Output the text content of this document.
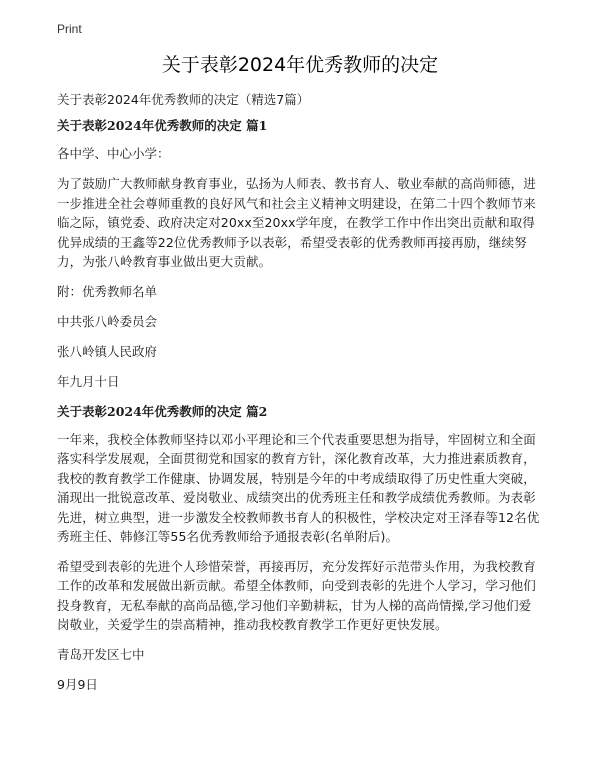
Print
关于表彰2024年优秀教师的决定

关于表彰2024年优秀教师的决定（精选7篇）

关于表彰2024年优秀教师的决定 篇1

各中学、中心小学：

为了鼓励广大教师献身教育事业，弘扬为人师表、教书育人、敬业奉献的高尚师德，进一步推进全社会尊师重教的良好风气和社会主义精神文明建设，在第二十四个教师节来临之际，镇党委、政府决定对20xx至20xx学年度，在教学工作中作出突出贡献和取得优异成绩的王鑫等22位优秀教师予以表彰，希望受表彰的优秀教师再接再励，继续努力，为张八岭教育事业做出更大贡献。

附：优秀教师名单

中共张八岭委员会

张八岭镇人民政府

年九月十日

关于表彰2024年优秀教师的决定 篇2

一年来，我校全体教师坚持以邓小平理论和三个代表重要思想为指导，牢固树立和全面落实科学发展观，全面贯彻党和国家的教育方针，深化教育改革，大力推进素质教育，我校的教育教学工作健康、协调发展，特别是今年的中考成绩取得了历史性重大突破，涌现出一批锐意改革、爱岗敬业、成绩突出的优秀班主任和教学成绩优秀教师。为表彰先进，树立典型，进一步激发全校教师教书育人的积极性，学校决定对王泽春等12名优秀班主任、韩修江等55名优秀教师给予通报表彰(名单附后)。

希望受到表彰的先进个人珍惜荣誉，再接再厉，充分发挥好示范带头作用，为我校教育工作的改革和发展做出新贡献。希望全体教师，向受到表彰的先进个人学习，学习他们投身教育，无私奉献的高尚品德,学习他们辛勤耕耘，甘为人梯的高尚情操,学习他们爱岗敬业，关爱学生的崇高精神，推动我校教育教学工作更好更快发展。

青岛开发区七中

9月9日
